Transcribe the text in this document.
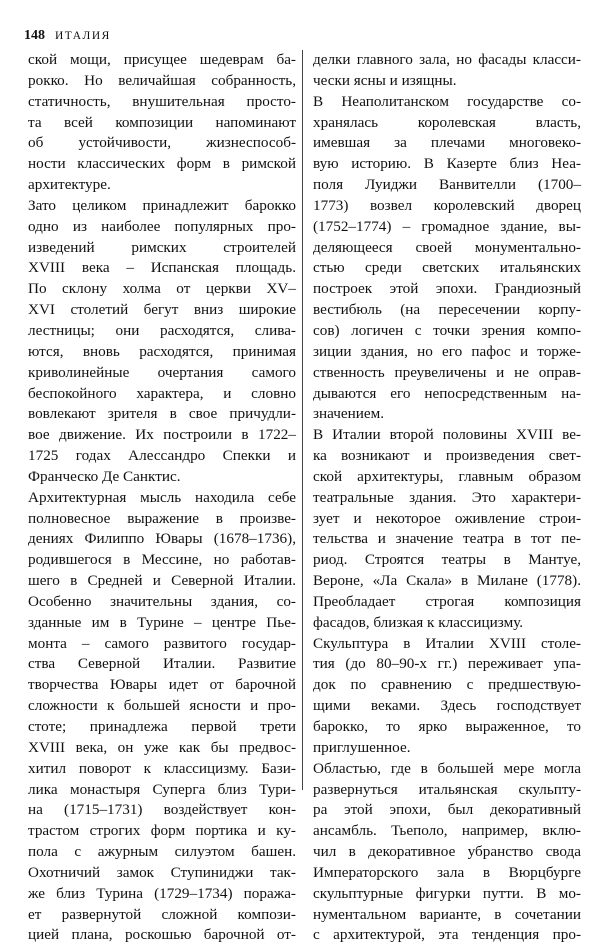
148 ИТАЛИЯ
ской мощи, присущее шедеврам ба-
рокко. Но величайшая собранность,
статичность, внушительная просто-
та всей композиции напоминают
об устойчивости, жизнеспособ-
ности классических форм в римской
архитектуре.
Зато целиком принадлежит барокко
одно из наиболее популярных про-
изведений римских строителей
XVIII века – Испанская площадь.
По склону холма от церкви XV–
XVI столетий бегут вниз широкие
лестницы; они расходятся, слива-
ются, вновь расходятся, принимая
криволинейные очертания самого
беспокойного характера, и словно
вовлекают зрителя в свое причудли-
вое движение. Их построили в 1722–
1725 годах Алессандро Спекки и
Франческо Де Санктис.
Архитектурная мысль находила себе
полновесное выражение в произве-
дениях Филиппо Ювары (1678–1736),
родившегося в Мессине, но работав-
шего в Средней и Северной Италии.
Особенно значительны здания, со-
зданные им в Турине – центре Пье-
монта – самого развитого государ-
ства Северной Италии. Развитие
творчества Ювары идет от барочной
сложности к большей ясности и про-
стоте; принадлежа первой трети
XVIII века, он уже как бы предвос-
хитил поворот к классицизму. Бази-
лика монастыря Суперга близ Тури-
на (1715–1731) воздействует кон-
трастом строгих форм портика и ку-
пола с ажурным силуэтом башен.
Охотничий замок Ступиниджи так-
же близ Турина (1729–1734) поража-
ет развернутой сложной компози-
цией плана, роскошью барочной от-
делки главного зала, но фасады класси-
чески ясны и изящны.
В Неаполитанском государстве со-
хранялась королевская власть,
имевшая за плечами многовеко-
вую историю. В Казерте близ Неа-
поля Луиджи Ванвителли (1700–
1773) возвел королевский дворец
(1752–1774) – громадное здание, вы-
деляющееся своей монументально-
стью среди светских итальянских
построек этой эпохи. Грандиозный
вестибюль (на пересечении корпу-
сов) логичен с точки зрения компо-
зиции здания, но его пафос и торже-
ственность преувеличены и не оправ-
дываются его непосредственным на-
значением.
В Италии второй половины XVIII ве-
ка возникают и произведения свет-
ской архитектуры, главным образом
театральные здания. Это характери-
зует и некоторое оживление строи-
тельства и значение театра в тот пе-
риод. Строятся театры в Мантуе,
Вероне, «Ла Скала» в Милане (1778).
Преобладает строгая композиция
фасадов, близкая к классицизму.
Скульптура в Италии XVIII столе-
тия (до 80–90-х гг.) переживает упа-
док по сравнению с предшествую-
щими веками. Здесь господствует
барокко, то ярко выраженное, то
приглушенное.
Областью, где в большей мере могла
развернуться итальянская скульпту-
ра этой эпохи, был декоративный
ансамбль. Тьеполо, например, вклю-
чил в декоративное убранство свода
Императорского зала в Вюрцбурге
скульптурные фигурки путти. В мо-
нументальном варианте, в сочетании
с архитектурой, эта тенденция про-
